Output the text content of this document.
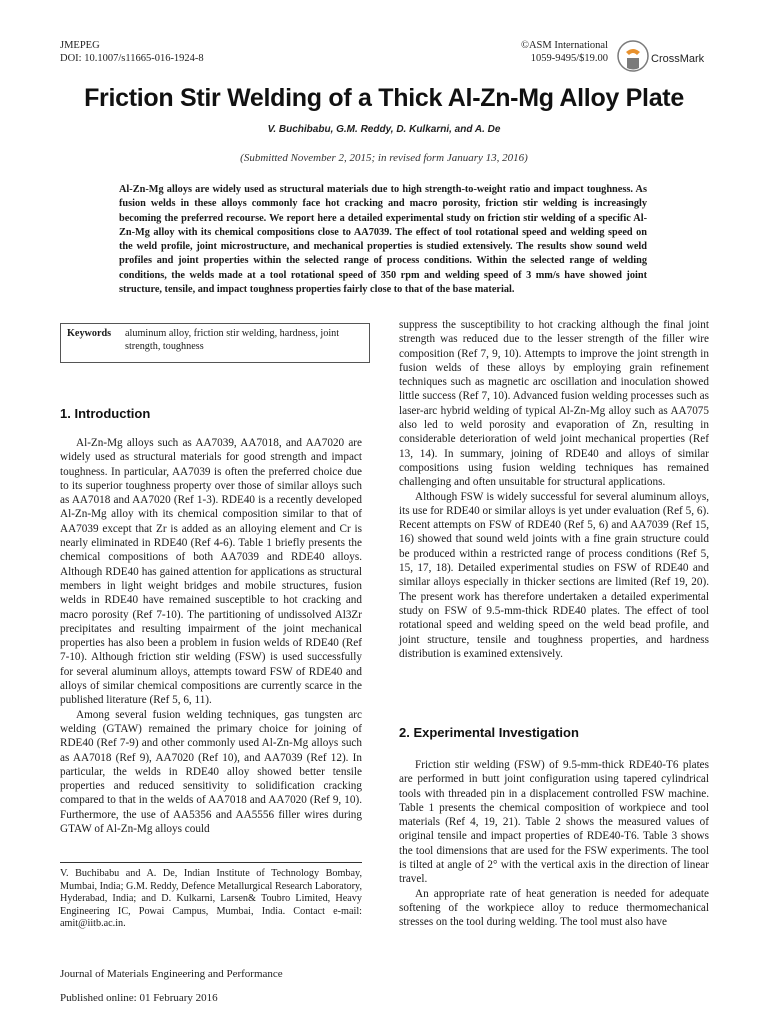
JMEPEG
DOI: 10.1007/s11665-016-1924-8
©ASM International
1059-9495/$19.00	CrossMark
Friction Stir Welding of a Thick Al-Zn-Mg Alloy Plate
V. Buchibabu, G.M. Reddy, D. Kulkarni, and A. De
(Submitted November 2, 2015; in revised form January 13, 2016)
Al-Zn-Mg alloys are widely used as structural materials due to high strength-to-weight ratio and impact toughness. As fusion welds in these alloys commonly face hot cracking and macro porosity, friction stir welding is increasingly becoming the preferred recourse. We report here a detailed experimental study on friction stir welding of a specific Al-Zn-Mg alloy with its chemical compositions close to AA7039. The effect of tool rotational speed and welding speed on the weld profile, joint microstructure, and mechanical properties is studied extensively. The results show sound weld profiles and joint properties within the selected range of process conditions. Within the selected range of welding conditions, the welds made at a tool rotational speed of 350 rpm and welding speed of 3 mm/s have showed joint structure, tensile, and impact toughness properties fairly close to that of the base material.
Keywords aluminum alloy, friction stir welding, hardness, joint strength, toughness
1. Introduction

Al-Zn-Mg alloys such as AA7039, AA7018, and AA7020 are widely used as structural materials for good strength and impact toughness. In particular, AA7039 is often the preferred choice due to its superior toughness property over those of similar alloys such as AA7018 and AA7020 (Ref 1-3). RDE40 is a recently developed Al-Zn-Mg alloy with its chemical composition similar to that of AA7039 except that Zr is added as an alloying element and Cr is nearly eliminated in RDE40 (Ref 4-6). Table 1 briefly presents the chemical compositions of both AA7039 and RDE40 alloys. Although RDE40 has gained attention for applications as structural members in light weight bridges and mobile structures, fusion welds in RDE40 have remained susceptible to hot cracking and macro porosity (Ref 7-10). The partitioning of undissolved Al3Zr precipitates and resulting impairment of the joint mechanical properties has also been a problem in fusion welds of RDE40 (Ref 7-10). Although friction stir welding (FSW) is used successfully for several aluminum alloys, attempts toward FSW of RDE40 and alloys of similar chemical compositions are currently scarce in the published literature (Ref 5, 6, 11).

Among several fusion welding techniques, gas tungsten arc welding (GTAW) remained the primary choice for joining of RDE40 (Ref 7-9) and other commonly used Al-Zn-Mg alloys such as AA7018 (Ref 9), AA7020 (Ref 10), and AA7039 (Ref 12). In particular, the welds in RDE40 alloy showed better tensile properties and reduced sensitivity to solidification cracking compared to that in the welds of AA7018 and AA7020 (Ref 9, 10). Furthermore, the use of AA5356 and AA5556 filler wires during GTAW of Al-Zn-Mg alloys could

V. Buchibabu and A. De, Indian Institute of Technology Bombay, Mumbai, India; G.M. Reddy, Defence Metallurgical Research Laboratory, Hyderabad, India; and D. Kulkarni, Larsen& Toubro Limited, Heavy Engineering IC, Powai Campus, Mumbai, India. Contact e-mail: amit@iitb.ac.in.

suppress the susceptibility to hot cracking although the final joint strength was reduced due to the lesser strength of the filler wire composition (Ref 7, 9, 10). Attempts to improve the joint strength in fusion welds of these alloys by employing grain refinement techniques such as magnetic arc oscillation and inoculation showed little success (Ref 7, 10). Advanced fusion welding processes such as laser-arc hybrid welding of typical Al-Zn-Mg alloy such as AA7075 also led to weld porosity and evaporation of Zn, resulting in considerable deterioration of weld joint mechanical properties (Ref 13, 14). In summary, joining of RDE40 and alloys of similar compositions using fusion welding techniques has remained challenging and often unsuitable for structural applications.

Although FSW is widely successful for several aluminum alloys, its use for RDE40 or similar alloys is yet under evaluation (Ref 5, 6). Recent attempts on FSW of RDE40 (Ref 5, 6) and AA7039 (Ref 15, 16) showed that sound weld joints with a fine grain structure could be produced within a restricted range of process conditions (Ref 5, 15, 17, 18). Detailed experimental studies on FSW of RDE40 and similar alloys especially in thicker sections are limited (Ref 19, 20). The present work has therefore undertaken a detailed experimental study on FSW of 9.5-mm-thick RDE40 plates. The effect of tool rotational speed and welding speed on the weld bead profile, and joint structure, tensile and toughness properties, and hardness distribution is examined extensively.

2. Experimental Investigation

Friction stir welding (FSW) of 9.5-mm-thick RDE40-T6 plates are performed in butt joint configuration using tapered cylindrical tools with threaded pin in a displacement controlled FSW machine. Table 1 presents the chemical composition of workpiece and tool materials (Ref 4, 19, 21). Table 2 shows the measured values of original tensile and impact properties of RDE40-T6. Table 3 shows the tool dimensions that are used for the FSW experiments. The tool is tilted at angle of 2° with the vertical axis in the direction of linear travel.

An appropriate rate of heat generation is needed for adequate softening of the workpiece alloy to reduce thermomechanical stresses on the tool during welding. The tool must also have

Journal of Materials Engineering and Performance
Published online: 01 February 2016
